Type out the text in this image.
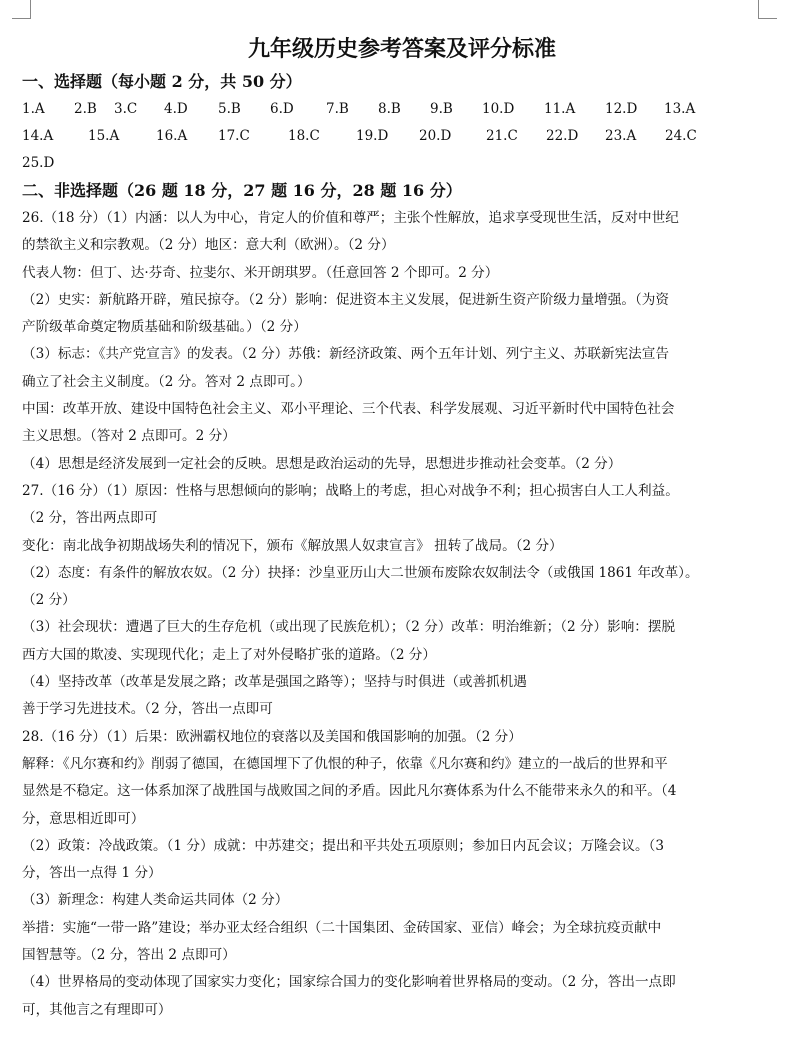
九年级历史参考答案及评分标准
一、选择题（每小题 2 分，共 50 分）
1.A 2.B 3.C 4.D 5.B 6.D 7.B 8.B 9.B 10.D 11.A 12.D 13.A
14.A	15.A	16.A 17.C	18.C	19.D 20.D	21.C 22.D 23.A 24.C
25.D
二、非选择题（26 题 18 分，27 题 16 分，28 题 16 分）
26.（18 分）（1）内涵：以人为中心，肯定人的价值和尊严；主张个性解放，追求享受现世生活，反对中世纪
的禁欲主义和宗教观。（2 分）地区：意大利（欧洲）。（2 分）
代表人物：但丁、达·芬奇、拉斐尔、米开朗琪罗。（任意回答 2 个即可。2 分）
（2）史实：新航路开辟，殖民掠夺。（2 分）影响：促进资本主义发展，促进新生资产阶级力量增强。（为资
产阶级革命奠定物质基础和阶级基础。）（2 分）
（3）标志：《共产党宣言》的发表。（2 分）苏俄：新经济政策、两个五年计划、列宁主义、苏联新宪法宣告
确立了社会主义制度。（2 分。答对 2 点即可。）
中国：改革开放、建设中国特色社会主义、邓小平理论、三个代表、科学发展观、习近平新时代中国特色社会
主义思想。（答对 2 点即可。2 分）
（4）思想是经济发展到一定社会的反映。思想是政治运动的先导，思想进步推动社会变革。（2 分）
27.（16 分）（1）原因：性格与思想倾向的影响；战略上的考虑，担心对战争不利；担心损害白人工人利益。
（2 分，答出两点即可
变化：南北战争初期战场失利的情况下，颁布《解放黑人奴隶宣言》 扭转了战局。（2 分）
（2）态度：有条件的解放农奴。（2 分）抉择：沙皇亚历山大二世颁布废除农奴制法令（或俄国 1861 年改革）。
（2 分）
（3）社会现状：遭遇了巨大的生存危机（或出现了民族危机）；（2 分）改革：明治维新；（2 分）影响：摆脱
西方大国的欺凌、实现现代化；走上了对外侵略扩张的道路。（2 分）
（4）坚持改革（改革是发展之路；改革是强国之路等）；坚持与时俱进（或善抓机遇
善于学习先进技术。（2 分，答出一点即可
28.（16 分）（1）后果：欧洲霸权地位的衰落以及美国和俄国影响的加强。（2 分）
解释：《凡尔赛和约》削弱了德国，在德国埋下了仇恨的种子，依靠《凡尔赛和约》建立的一战后的世界和平
显然是不稳定。这一体系加深了战胜国与战败国之间的矛盾。因此凡尔赛体系为什么不能带来永久的和平。（4
分，意思相近即可）
（2）政策：冷战政策。（1 分）成就：中苏建交；提出和平共处五项原则；参加日内瓦会议；万隆会议。（3
分，答出一点得 1 分）
（3）新理念：构建人类命运共同体（2 分）
举措：实施“一带一路”建设；举办亚太经合组织（二十国集团、金砖国家、亚信）峰会；为全球抗疫贡献中
国智慧等。（2 分，答出 2 点即可）
（4）世界格局的变动体现了国家实力变化；国家综合国力的变化影响着世界格局的变动。（2 分，答出一点即
可，其他言之有理即可）
